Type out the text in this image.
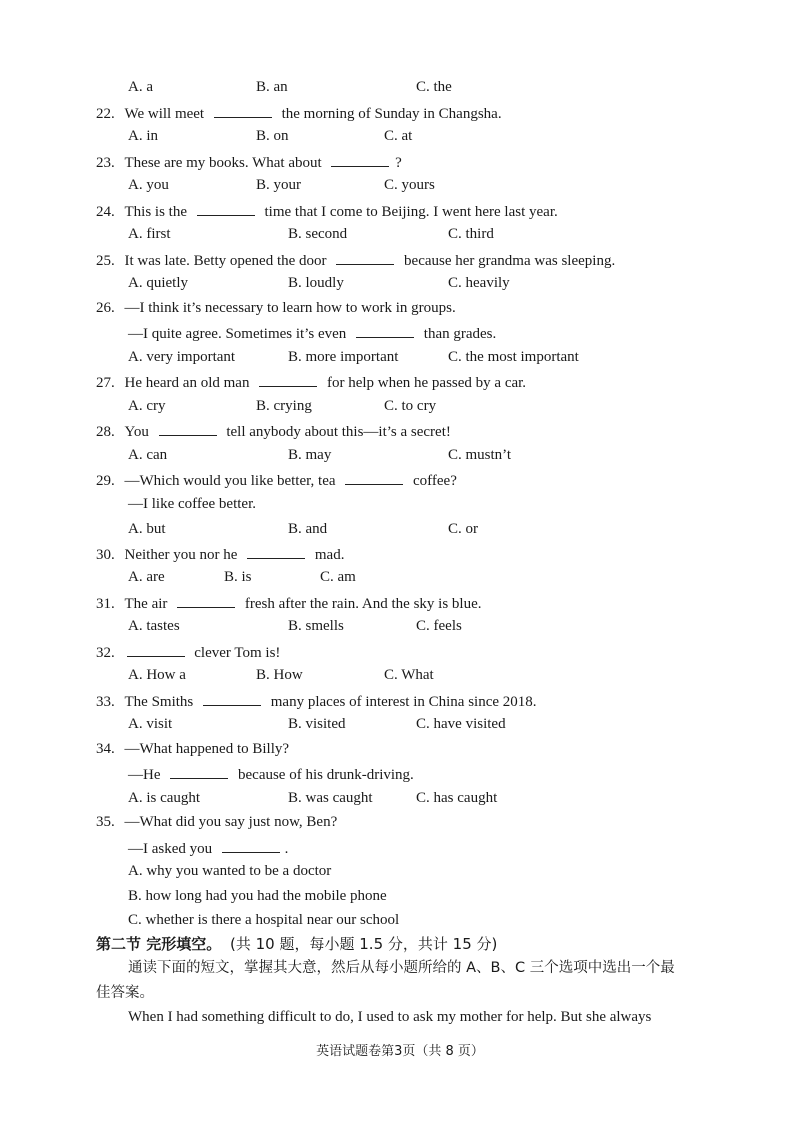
A. a	B. an	C. the
22. We will meet	the morning of Sunday in Changsha.
A. in	B. on	C. at
23. These are my books. What about	?
A. you	B. your	C. yours
24. This is the	time that I come to Beijing. I went here last year.
A. first	B. second	C. third
25. It was late. Betty opened the door	because her grandma was sleeping.
A. quietly	B. loudly	C. heavily
26. —I think it’s necessary to learn how to work in groups.
—I quite agree. Sometimes it’s even	than grades.
A. very important	B. more important	C. the most important
27. He heard an old man	for help when he passed by a car.
A. cry	B. crying	C. to cry
28. You	tell anybody about this—it’s a secret!
A. can	B. may	C. mustn’t
29. —Which would you like better, tea	coffee?
—I like coffee better.
A. but	B. and	C. or
30. Neither you nor he	mad.
A. are	B. is	C. am
31. The air	fresh after the rain. And the sky is blue.
A. tastes	B. smells	C. feels
32.	clever Tom is!
A. How a	B. How	C. What
33. The Smiths	many places of interest in China since 2018.
A. visit	B. visited	C. have visited
34. —What happened to Billy?
—He	because of his drunk-driving.
A. is caught	B. was caught	C. has caught
35. —What did you say just now, Ben?
—I asked you	.
A. why you wanted to be a doctor
B. how long had you had the mobile phone
C. whether is there a hospital near our school
第二节 完形填空。 (共 10 题，每小题 1.5 分，共计 15 分)
通读下面的短文，掌握其大意，然后从每小题所给的 A、B、C 三个选项中选出一个最
佳答案。
When I had something difficult to do, I used to ask my mother for help. But she always
英语试题卷第3页（共 8 页）
